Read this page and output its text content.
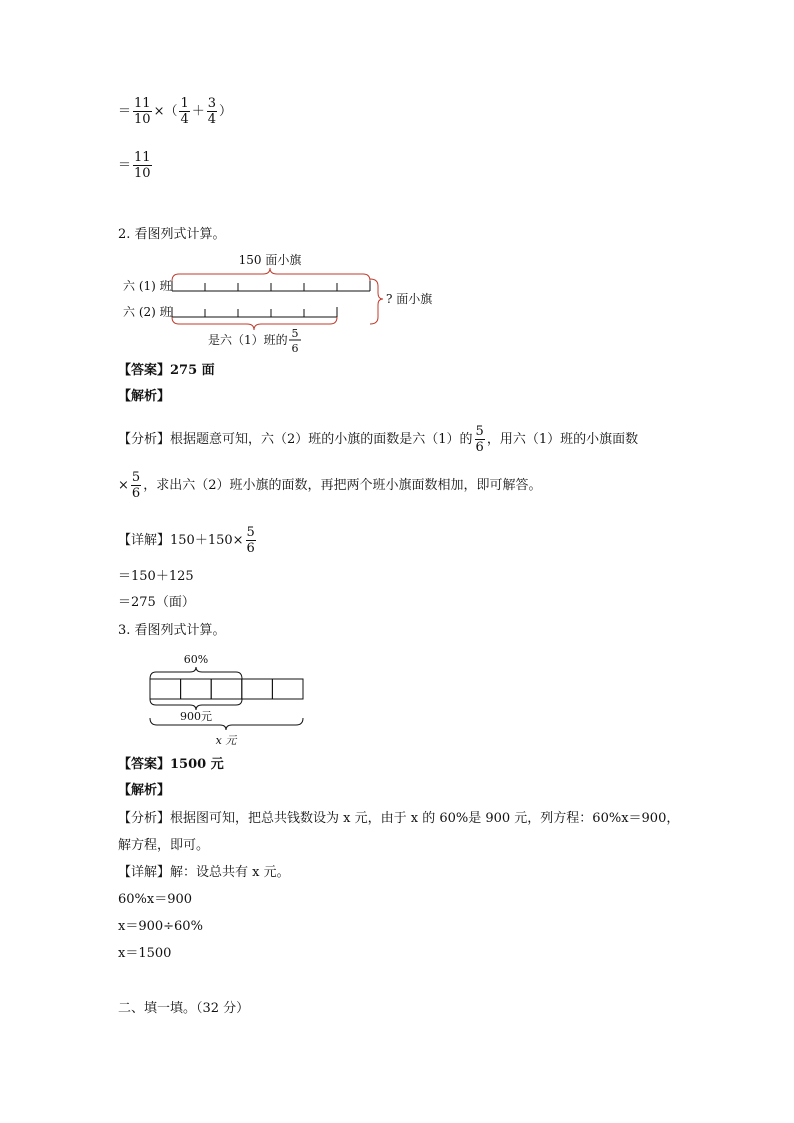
＝ $\frac{11}{10}$ ×（ $\frac{1}{4} + \frac{3}{4}$ ）
＝ $\frac{11}{10}$
2. 看图列式计算。
150 面小旗
六 (1) 班
六 (2) 班
? 面小旗
是六（1）班的 5
6
【答案】275 面
【解析】
【分析】根据题意可知，六（2）班的小旗的面数是六（1）的 $\frac{5}{6}$ ，用六（1）班的小旗面数
× $\frac{5}{6}$ ，求出六（2）班小旗的面数，再把两个班小旗面数相加，即可解答。
【详解】$150+150\times \frac{5}{6}$
＝150＋125
＝275（面）
3. 看图列式计算。
60%
900元
x 元
【答案】1500 元
【解析】
【分析】根据图可知，把总共钱数设为 x 元，由于 x 的 60%是 900 元，列方程：60%x＝900，
解方程，即可。
【详解】解：设总共有 x 元。
60%x＝900
x＝900÷60%
x＝1500
二、填一填。（32 分）
